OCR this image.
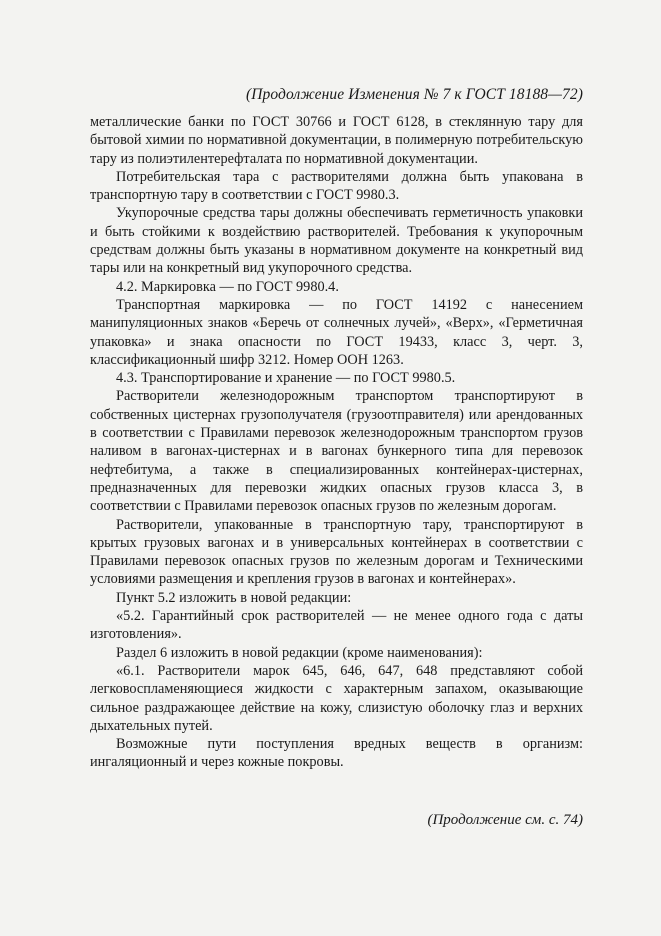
(Продолжение Изменения № 7 к ГОСТ 18188—72)

металлические банки по ГОСТ 30766 и ГОСТ 6128, в стеклянную тару для бытовой химии по нормативной документации, в полимерную потребительскую тару из полиэтилентерефталата по нормативной документации.

Потребительская тара с растворителями должна быть упакована в транспортную тару в соответствии с ГОСТ 9980.3.

Укупорочные средства тары должны обеспечивать герметичность упаковки и быть стойкими к воздействию растворителей. Требования к укупорочным средствам должны быть указаны в нормативном документе на конкретный вид тары или на конкретный вид укупорочного средства.

4.2. Маркировка — по ГОСТ 9980.4.

Транспортная маркировка — по ГОСТ 14192 с нанесением манипуляционных знаков «Беречь от солнечных лучей», «Верх», «Герметичная упаковка» и знака опасности по ГОСТ 19433, класс 3, черт. 3, классификационный шифр 3212. Номер ООН 1263.

4.3. Транспортирование и хранение — по ГОСТ 9980.5.

Растворители железнодорожным транспортом транспортируют в собственных цистернах грузополучателя (грузоотправителя) или арендованных в соответствии с Правилами перевозок железнодорожным транспортом грузов наливом в вагонах-цистернах и в вагонах бункерного типа для перевозок нефтебитума, а также в специализированных контейнерах-цистернах, предназначенных для перевозки жидких опасных грузов класса 3, в соответствии с Правилами перевозок опасных грузов по железным дорогам.

Растворители, упакованные в транспортную тару, транспортируют в крытых грузовых вагонах и в универсальных контейнерах в соответствии с Правилами перевозок опасных грузов по железным дорогам и Техническими условиями размещения и крепления грузов в вагонах и контейнерах».

Пункт 5.2 изложить в новой редакции:

«5.2. Гарантийный срок растворителей — не менее одного года с даты изготовления».

Раздел 6 изложить в новой редакции (кроме наименования):

«6.1. Растворители марок 645, 646, 647, 648 представляют собой легковоспламеняющиеся жидкости с характерным запахом, оказывающие сильное раздражающее действие на кожу, слизистую оболочку глаз и верхних дыхательных путей.

Возможные пути поступления вредных веществ в организм: ингаляционный и через кожные покровы.

(Продолжение см. с. 74)
